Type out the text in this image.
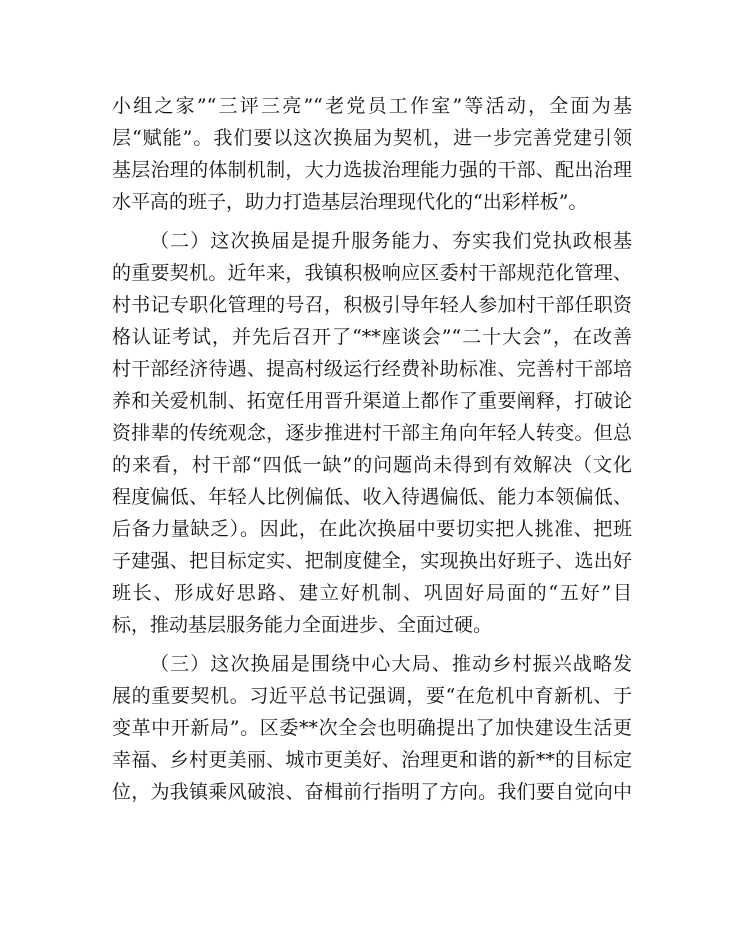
小组之家”“三评三亮”“老党员工作室”等活动，全面为基
层“赋能”。我们要以这次换届为契机，进一步完善党建引领
基层治理的体制机制，大力选拔治理能力强的干部、配出治理
水平高的班子，助力打造基层治理现代化的“出彩样板”。
（二）这次换届是提升服务能力、夯实我们党执政根基
的重要契机。近年来，我镇积极响应区委村干部规范化管理、
村书记专职化管理的号召，积极引导年轻人参加村干部任职资
格认证考试，并先后召开了“**座谈会”“二十大会”，在改善
村干部经济待遇、提高村级运行经费补助标准、完善村干部培
养和关爱机制、拓宽任用晋升渠道上都作了重要阐释，打破论
资排辈的传统观念，逐步推进村干部主角向年轻人转变。但总
的来看，村干部“四低一缺”的问题尚未得到有效解决（文化
程度偏低、年轻人比例偏低、收入待遇偏低、能力本领偏低、
后备力量缺乏）。因此，在此次换届中要切实把人挑准、把班
子建强、把目标定实、把制度健全，实现换出好班子、选出好
班长、形成好思路、建立好机制、巩固好局面的“五好”目
标，推动基层服务能力全面进步、全面过硬。
（三）这次换届是围绕中心大局、推动乡村振兴战略发
展的重要契机。习近平总书记强调，要“在危机中育新机、于
变革中开新局”。区委**次全会也明确提出了加快建设生活更
幸福、乡村更美丽、城市更美好、治理更和谐的新**的目标定
位，为我镇乘风破浪、奋楫前行指明了方向。我们要自觉向中
